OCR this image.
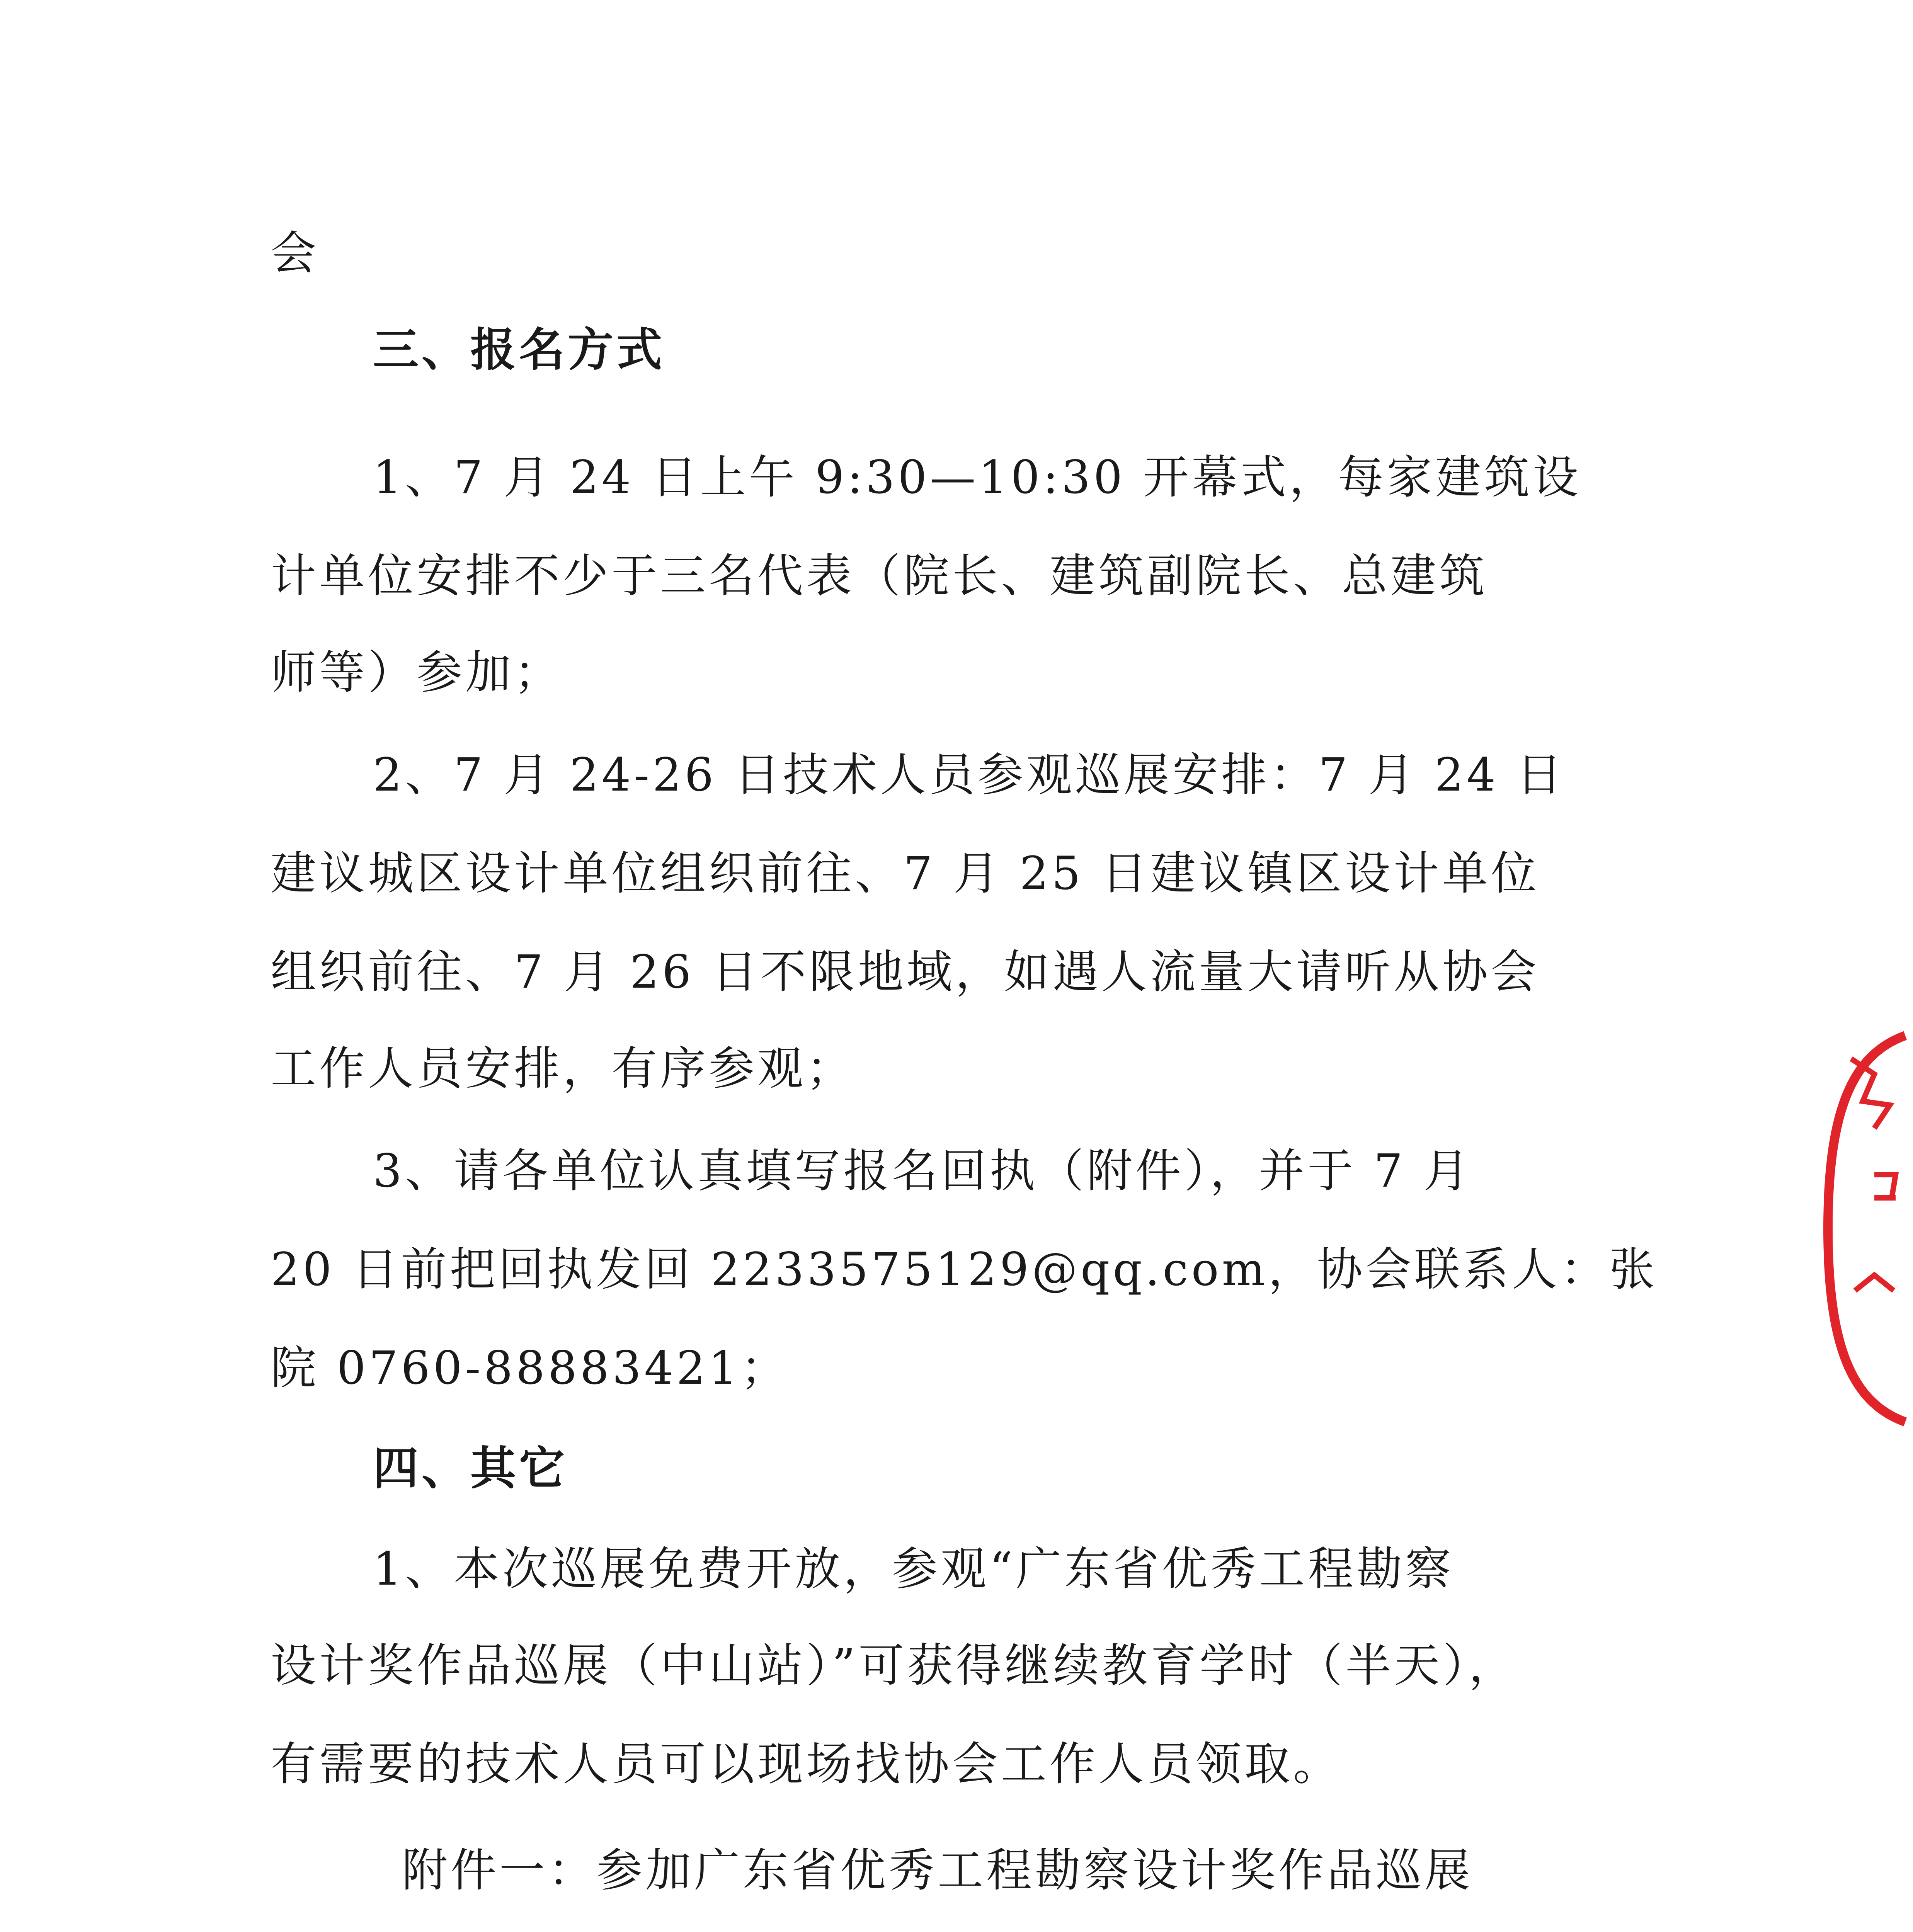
会
三、报名方式
1、7 月 24 日上午 9:30—10:30 开幕式，每家建筑设
计单位安排不少于三名代表（院长、建筑副院长、总建筑
师等）参加；
2、7 月 24-26 日技术人员参观巡展安排：7 月 24 日
建议城区设计单位组织前往、7 月 25 日建议镇区设计单位
组织前往、7 月 26 日不限地域，如遇人流量大请听从协会
工作人员安排，有序参观；
3、请各单位认真填写报名回执（附件），并于 7 月
20 日前把回执发回 2233575129@qq.com，协会联系人：张
院 0760-88883421；
四、其它
1、本次巡展免费开放，参观“广东省优秀工程勘察
设计奖作品巡展（中山站）”可获得继续教育学时（半天），
有需要的技术人员可以现场找协会工作人员领取。
附件一：参加广东省优秀工程勘察设计奖作品巡展
